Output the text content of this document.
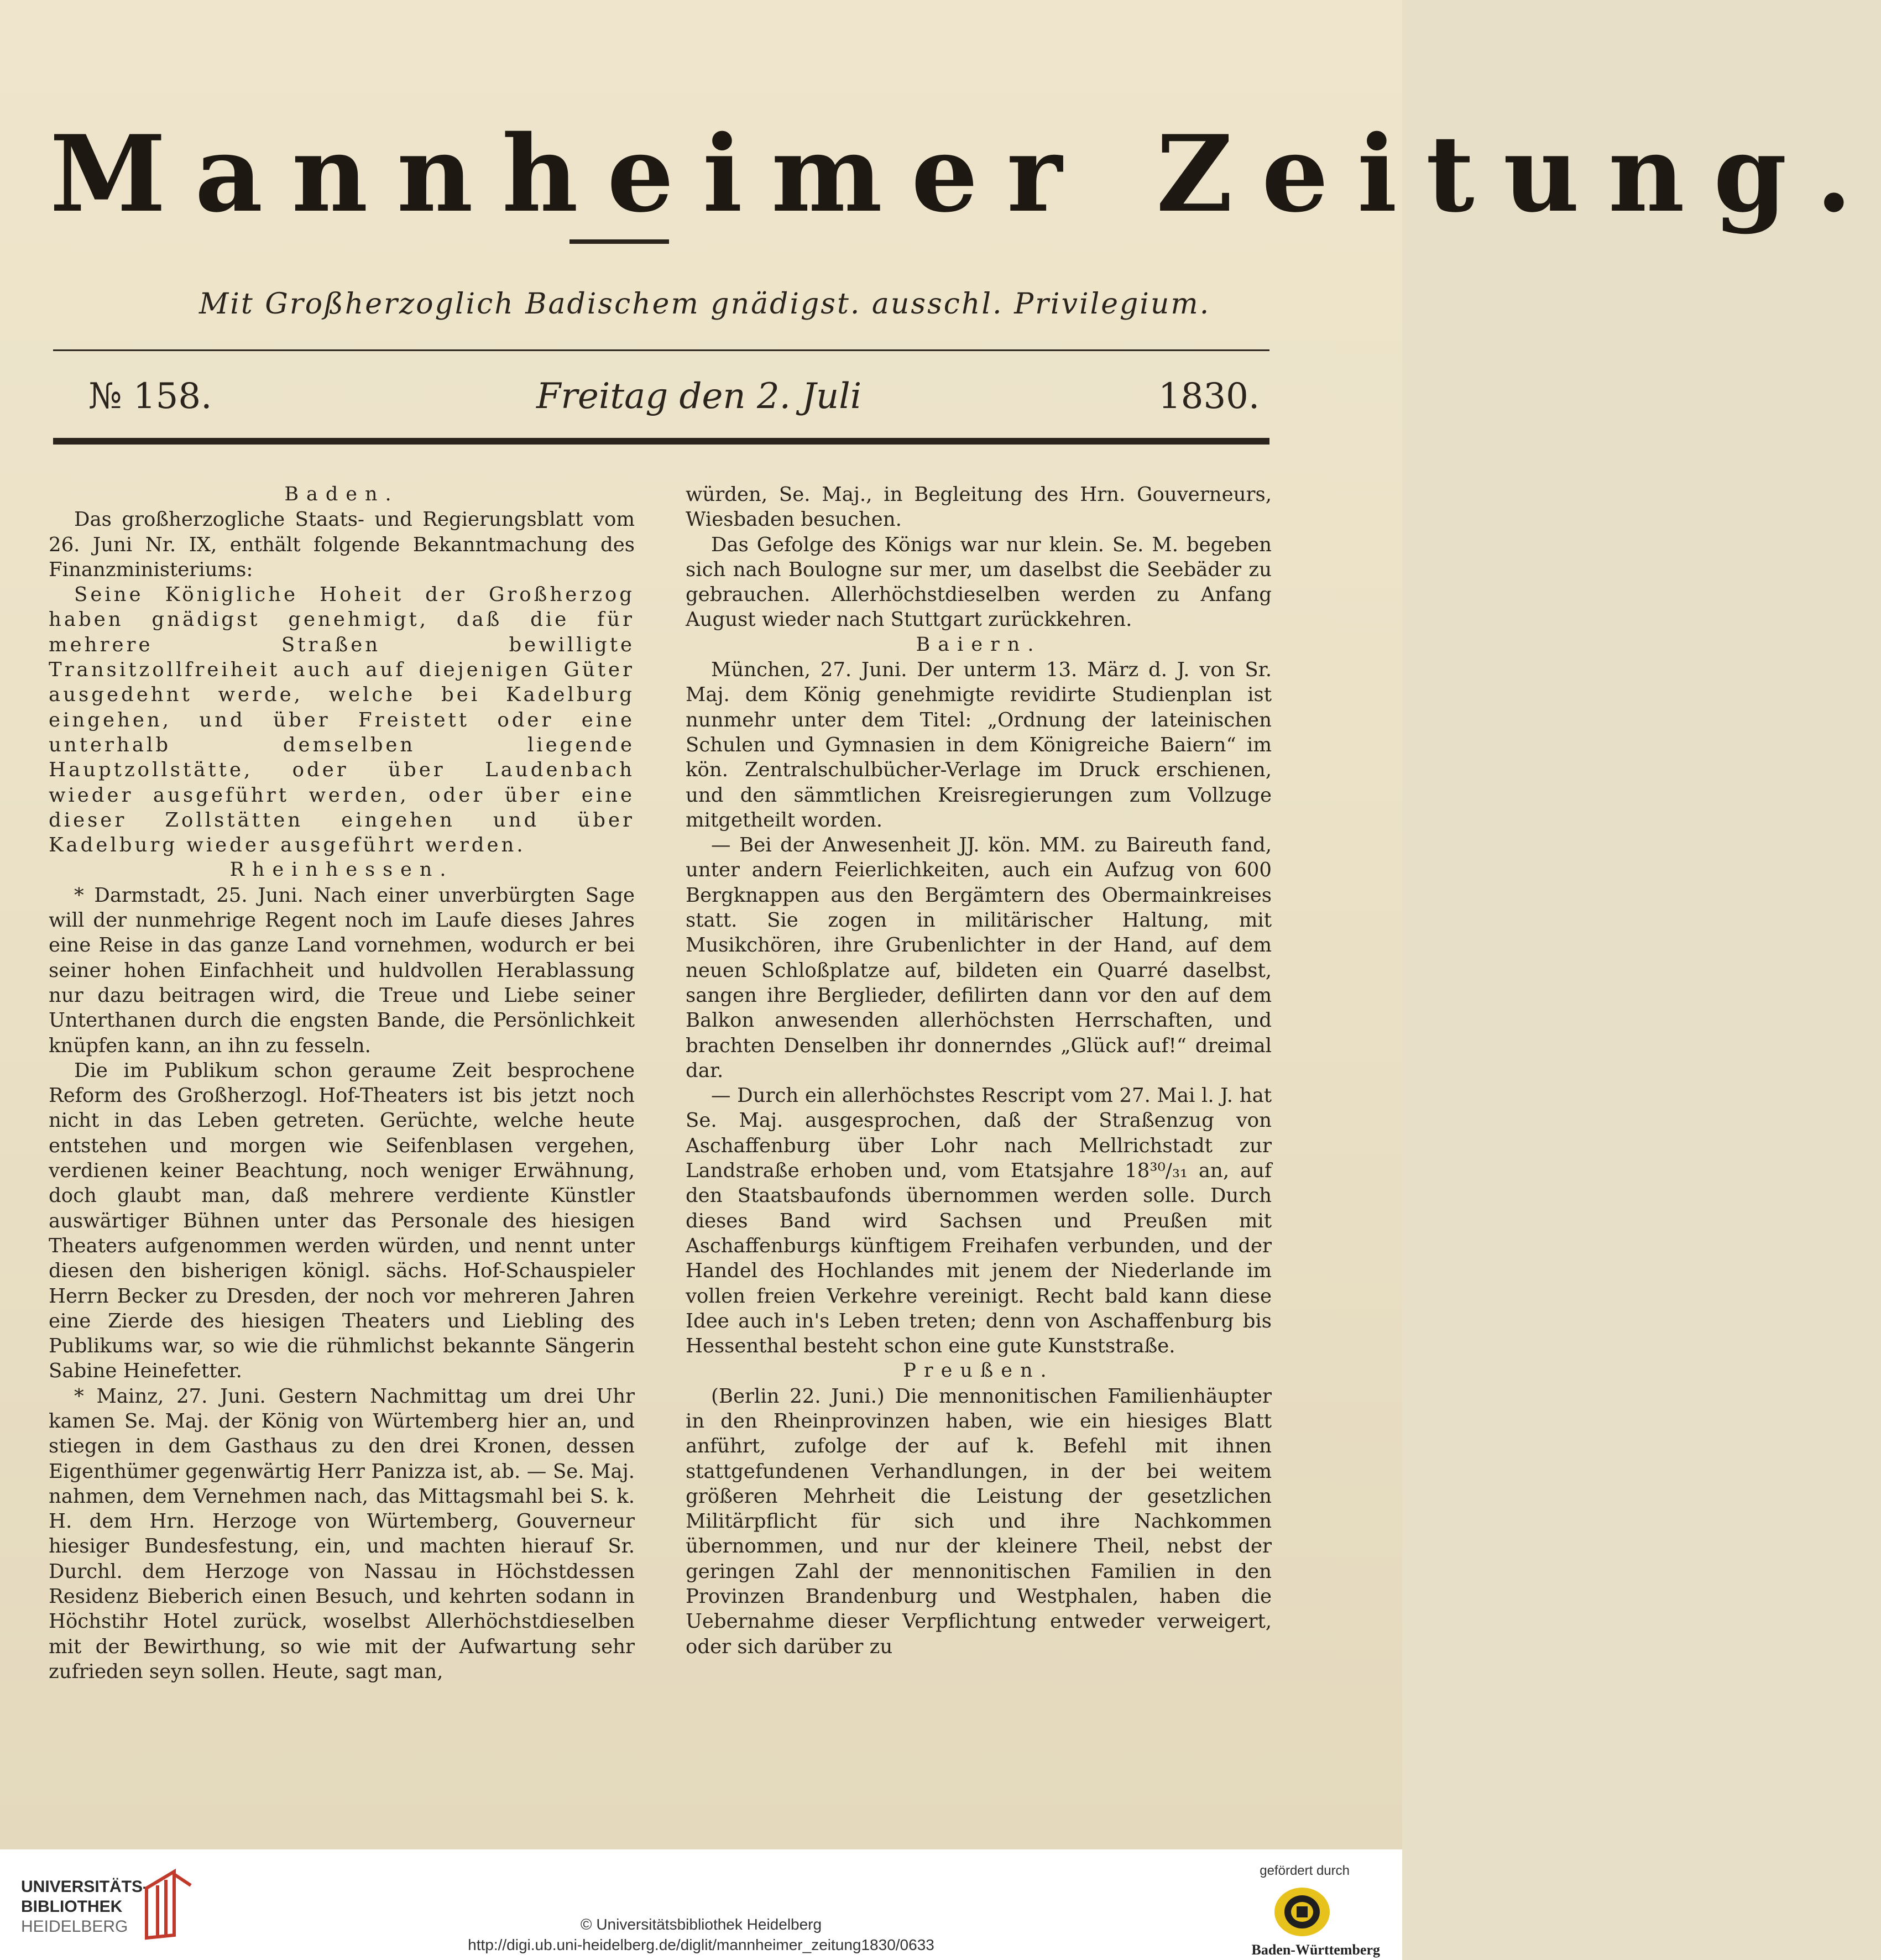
Mannheimer Zeitung.
Mit Großherzoglich Badischem gnädigst. ausschl. Privilegium.
№ 158.	Freitag den 2. Juli	1830.
Baden.

Das großherzogliche Staats- und Regierungsblatt vom 26. Juni Nr. IX, enthält folgende Bekanntmachung des Finanzministeriums:

Seine Königliche Hoheit der Großherzog haben gnädigst genehmigt, daß die für mehrere Straßen bewilligte Transitzollfreiheit auch auf diejenigen Güter ausgedehnt werde, welche bei Kadelburg eingehen, und über Freistett oder eine unterhalb demselben liegende Hauptzollstätte, oder über Laudenbach wieder ausgeführt werden, oder über eine dieser Zollstätten eingehen und über Kadelburg wieder ausgeführt werden.

Rheinhessen.

* Darmstadt, 25. Juni. Nach einer unverbürgten Sage will der nunmehrige Regent noch im Laufe dieses Jahres eine Reise in das ganze Land vornehmen, wodurch er bei seiner hohen Einfachheit und huldvollen Herablassung nur dazu beitragen wird, die Treue und Liebe seiner Unterthanen durch die engsten Bande, die Persönlichkeit knüpfen kann, an ihn zu fesseln.

Die im Publikum schon geraume Zeit besprochene Reform des Großherzogl. Hof-Theaters ist bis jetzt noch nicht in das Leben getreten. Gerüchte, welche heute entstehen und morgen wie Seifenblasen vergehen, verdienen keiner Beachtung, noch weniger Erwähnung, doch glaubt man, daß mehrere verdiente Künstler auswärtiger Bühnen unter das Personale des hiesigen Theaters aufgenommen werden würden, und nennt unter diesen den bisherigen königl. sächs. Hof-Schauspieler Herrn Becker zu Dresden, der noch vor mehreren Jahren eine Zierde des hiesigen Theaters und Liebling des Publikums war, so wie die rühmlichst bekannte Sängerin Sabine Heinefetter.

* Mainz, 27. Juni. Gestern Nachmittag um drei Uhr kamen Se. Maj. der König von Würtemberg hier an, und stiegen in dem Gasthaus zu den drei Kronen, dessen Eigenthümer gegenwärtig Herr Panizza ist, ab. — Se. Maj. nahmen, dem Vernehmen nach, das Mittagsmahl bei S. k. H. dem Hrn. Herzoge von Würtemberg, Gouverneur hiesiger Bundesfestung, ein, und machten hierauf Sr. Durchl. dem Herzoge von Nassau in Höchstdessen Residenz Bieberich einen Besuch, und kehrten sodann in Höchstihr Hotel zurück, woselbst Allerhöchstdieselben mit der Bewirthung, so wie mit der Aufwartung sehr zufrieden seyn sollen. Heute, sagt man,

würden, Se. Maj., in Begleitung des Hrn. Gouverneurs, Wiesbaden besuchen.

Das Gefolge des Königs war nur klein. Se. M. begeben sich nach Boulogne sur mer, um daselbst die Seebäder zu gebrauchen. Allerhöchstdieselben werden zu Anfang August wieder nach Stuttgart zurückkehren.

Baiern.

München, 27. Juni. Der unterm 13. März d. J. von Sr. Maj. dem König genehmigte revidirte Studienplan ist nunmehr unter dem Titel: „Ordnung der lateinischen Schulen und Gymnasien in dem Königreiche Baiern“ im kön. Zentralschulbücher-Verlage im Druck erschienen, und den sämmtlichen Kreisregierungen zum Vollzuge mitgetheilt worden.

— Bei der Anwesenheit JJ. kön. MM. zu Baireuth fand, unter andern Feierlichkeiten, auch ein Aufzug von 600 Bergknappen aus den Bergämtern des Obermainkreises statt. Sie zogen in militärischer Haltung, mit Musikchören, ihre Grubenlichter in der Hand, auf dem neuen Schloßplatze auf, bildeten ein Quarré daselbst, sangen ihre Berglieder, defilirten dann vor den auf dem Balkon anwesenden allerhöchsten Herrschaften, und brachten Denselben ihr donnerndes „Glück auf!“ dreimal dar.

— Durch ein allerhöchstes Rescript vom 27. Mai l. J. hat Se. Maj. ausgesprochen, daß der Straßenzug von Aschaffenburg über Lohr nach Mellrichstadt zur Landstraße erhoben und, vom Etatsjahre 18³⁰/₃₁ an, auf den Staatsbaufonds übernommen werden solle. Durch dieses Band wird Sachsen und Preußen mit Aschaffenburgs künftigem Freihafen verbunden, und der Handel des Hochlandes mit jenem der Niederlande im vollen freien Verkehre vereinigt. Recht bald kann diese Idee auch in's Leben treten; denn von Aschaffenburg bis Hessenthal besteht schon eine gute Kunststraße.

Preußen.

(Berlin 22. Juni.) Die mennonitischen Familienhäupter in den Rheinprovinzen haben, wie ein hiesiges Blatt anführt, zufolge der auf k. Befehl mit ihnen stattgefundenen Verhandlungen, in der bei weitem größeren Mehrheit die Leistung der gesetzlichen Militärpflicht für sich und ihre Nachkommen übernommen, und nur der kleinere Theil, nebst der geringen Zahl der mennonitischen Familien in den Provinzen Brandenburg und Westphalen, haben die Uebernahme dieser Verpflichtung entweder verweigert, oder sich darüber zu

UNIVERSITÄTS-
BIBLIOTHEK
HEIDELBERG	© Universitätsbibliothek Heidelberg
http://digi.ub.uni-heidelberg.de/diglit/mannheimer_zeitung1830/0633
gefördert durch
Baden-Württemberg
